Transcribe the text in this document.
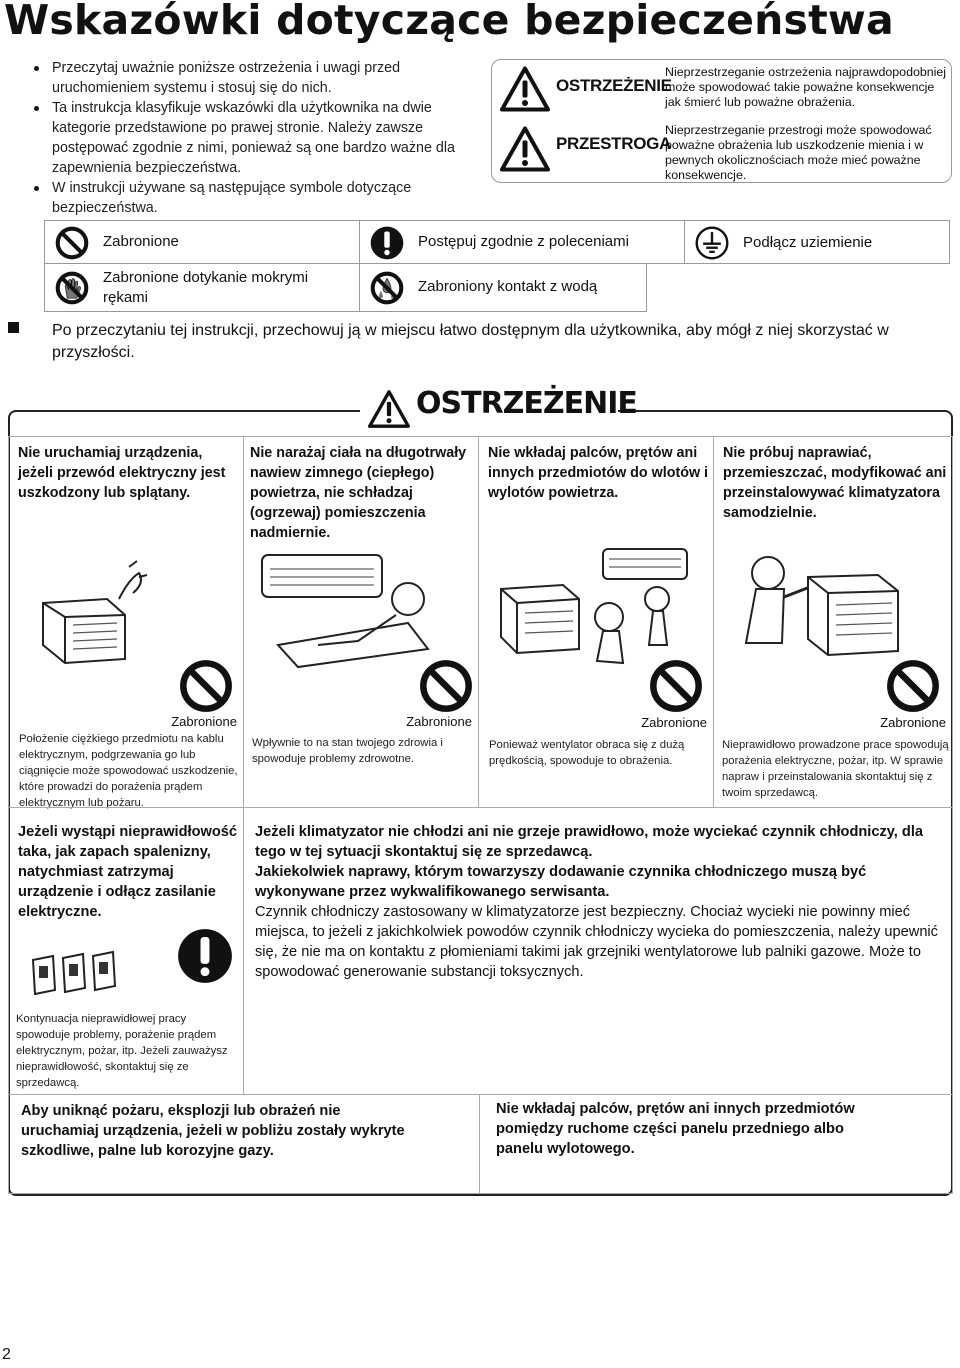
Wskazówki dotyczące bezpieczeństwa
Przeczytaj uważnie poniższe ostrzeżenia i uwagi przed uruchomieniem systemu i stosuj się do nich.
Ta instrukcja klasyfikuje wskazówki dla użytkownika na dwie kategorie przedstawione po prawej stronie. Należy zawsze postępować zgodnie z nimi, ponieważ są one bardzo ważne dla zapewnienia bezpieczeństwa.
W instrukcji używane są następujące symbole dotyczące bezpieczeństwa.
OSTRZEŻENIE
Nieprzestrzeganie ostrzeżenia najprawdopodobniej może spowodować takie poważne konsekwencje jak śmierć lub poważne obrażenia.
PRZESTROGA
Nieprzestrzeganie przestrogi może spowodować poważne obrażenia lub uszkodzenie mienia i w pewnych okolicznościach może mieć poważne konsekwencje.
Zabronione	Postępuj zgodnie z poleceniami	Podłącz uziemienie
Zabronione dotykanie mokrymi rękami
Zabroniony kontakt z wodą
Po przeczytaniu tej instrukcji, przechowuj ją w miejscu łatwo dostępnym dla użytkownika, aby mógł z niej skorzystać w przyszłości.
OSTRZEŻENIE
Nie uruchamiaj urządzenia, jeżeli przewód elektryczny jest uszkodzony lub splątany.
Zabronione
Położenie ciężkiego przedmiotu na kablu elektrycznym, podgrzewania go lub ciągnięcie może spowodować uszkodzenie, które prowadzi do porażenia prądem elektrycznym lub pożaru.
Nie narażaj ciała na długotrwały nawiew zimnego (ciepłego) powietrza, nie schładzaj (ogrzewaj) pomieszczenia nadmiernie.
Zabronione
Wpływnie to na stan twojego zdrowia i spowoduje problemy zdrowotne.
Nie wkładaj palców, prętów ani innych przedmiotów do wlotów i wylotów powietrza.
Zabronione
Ponieważ wentylator obraca się z dużą prędkością, spowoduje to obrażenia.
Nie próbuj naprawiać, przemieszczać, modyfikować ani przeinstalowywać klimatyzatora samodzielnie.
Zabronione
Nieprawidłowo prowadzone prace spowodują porażenia elektryczne, pożar, itp. W sprawie napraw i przeinstalowania skontaktuj się z twoim sprzedawcą.
Jeżeli wystąpi nieprawidłowość taka, jak zapach spalenizny, natychmiast zatrzymaj urządzenie i odłącz zasilanie elektryczne.
Kontynuacja nieprawidłowej pracy spowoduje problemy, porażenie prądem elektrycznym, pożar, itp. Jeżeli zauważysz nieprawidłowość, skontaktuj się ze sprzedawcą.
Jeżeli klimatyzator nie chłodzi ani nie grzeje prawidłowo, może wyciekać czynnik chłodniczy, dla tego w tej sytuacji skontaktuj się ze sprzedawcą.
Jakiekolwiek naprawy, którym towarzyszy dodawanie czynnika chłodniczego muszą być wykonywane przez wykwalifikowanego serwisanta.
Czynnik chłodniczy zastosowany w klimatyzatorze jest bezpieczny. Chociaż wycieki nie powinny mieć miejsca, to jeżeli z jakichkolwiek powodów czynnik chłodniczy wycieka do pomieszczenia, należy upewnić się, że nie ma on kontaktu z płomieniami takimi jak grzejniki wentylatorowe lub palniki gazowe. Może to spowodować generowanie substancji toksycznych.
Aby uniknąć pożaru, eksplozji lub obrażeń nie uruchamiaj urządzenia, jeżeli w pobliżu zostały wykryte szkodliwe, palne lub korozyjne gazy.
Nie wkładaj palców, prętów ani innych przedmiotów pomiędzy ruchome części panelu przedniego albo panelu wylotowego.
2
